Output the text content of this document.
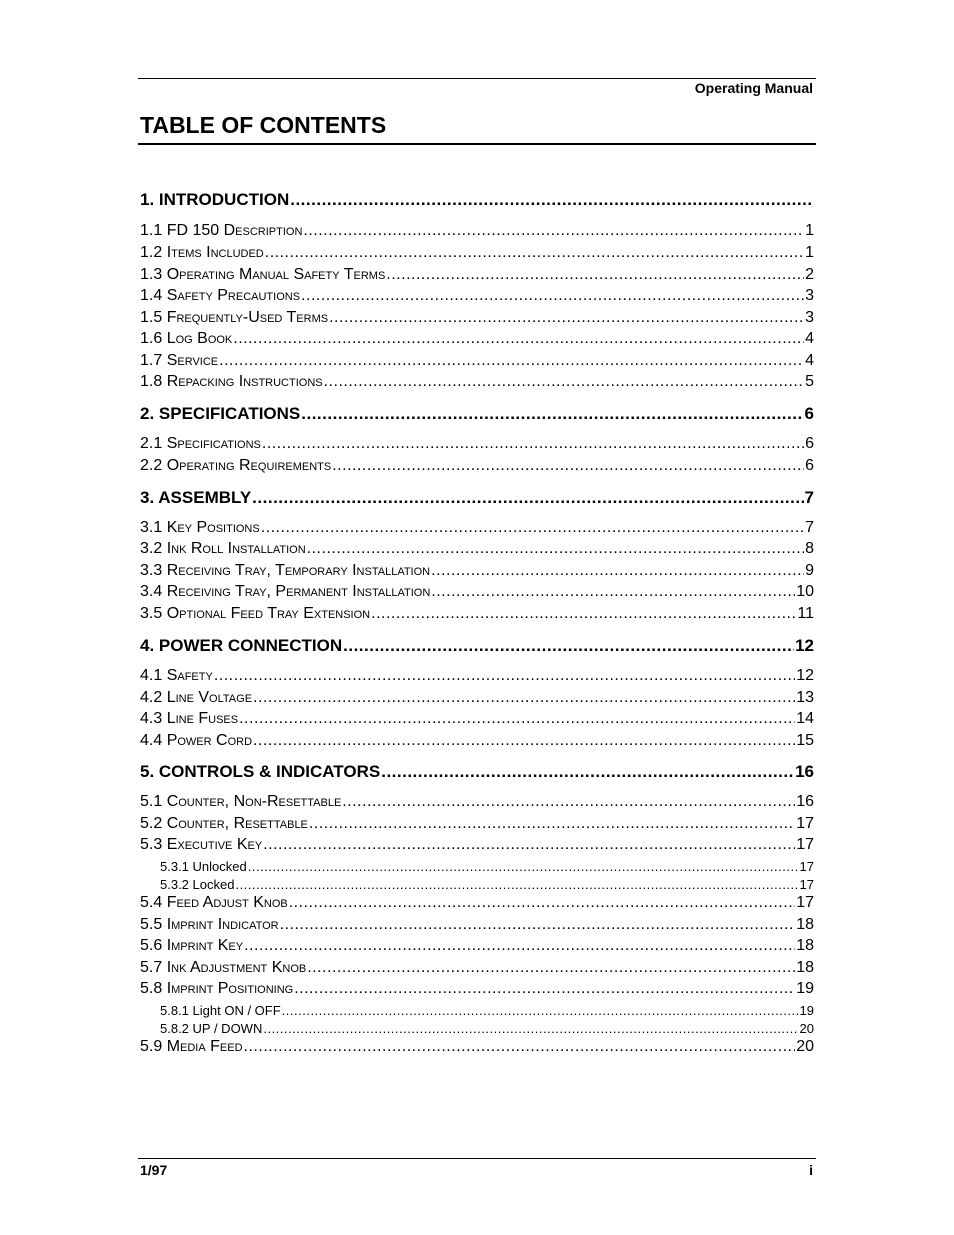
Operating Manual
TABLE OF CONTENTS
1. INTRODUCTION
.....
1.1 FD 150 Description .....	1
1.2 Items Included .....	1
1.3 Operating Manual Safety Terms .....	2
1.4 Safety Precautions .....	3
1.5 Frequently-Used Terms .....	3
1.6 Log Book .....	4
1.7 Service .....	4
1.8 Repacking Instructions .....	5
2. SPECIFICATIONS .....	6
2.1 Specifications .....	6
2.2 Operating Requirements .....	6
3. ASSEMBLY .....	7
3.1 Key Positions .....	7
3.2 Ink Roll Installation .....	8
3.3 Receiving Tray, Temporary Installation .....	9
3.4 Receiving Tray, Permanent Installation .....	10
3.5 Optional Feed Tray Extension .....	11
4. POWER CONNECTION .....	12
4.1 Safety .....	12
4.2 Line Voltage .....	13
4.3 Line Fuses .....	14
4.4 Power Cord .....	15
5. CONTROLS & INDICATORS .....	16
5.1 Counter, Non-Resettable .....	16
5.2 Counter, Resettable .....	17
5.3 Executive Key .....	17
5.3.1 Unlocked .....	17
5.3.2 Locked .....	17
5.4 Feed Adjust Knob .....	17
5.5 Imprint Indicator .....	18
5.6 Imprint Key .....	18
5.7 Ink Adjustment Knob .....	18
5.8 Imprint Positioning .....	19
5.8.1 Light ON / OFF .....	19
5.8.2 UP / DOWN .....	20
5.9 Media Feed .....	20
1/97	i
